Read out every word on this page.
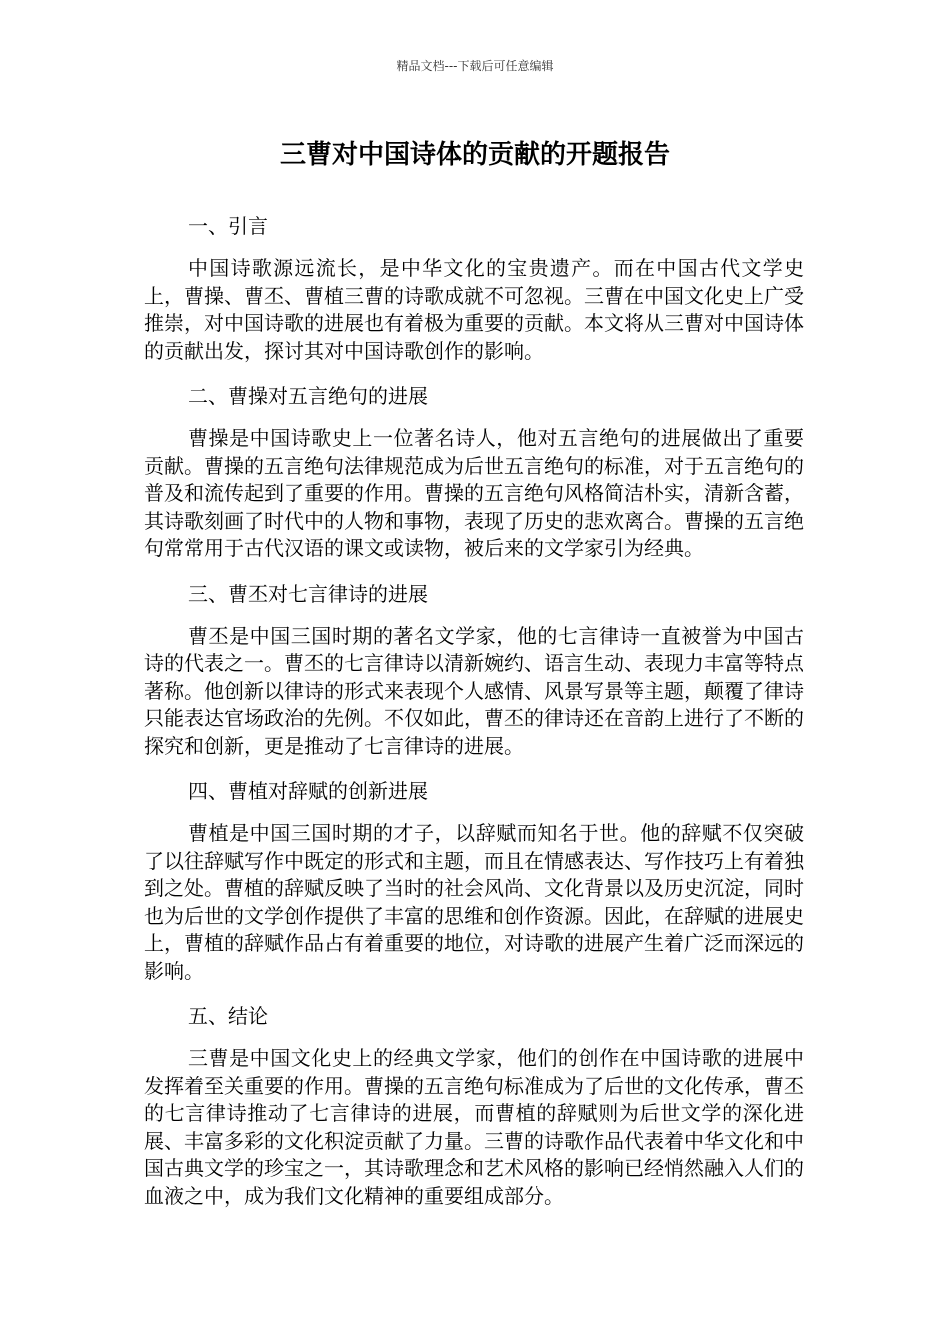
精品文档---下载后可任意编辑
三曹对中国诗体的贡献的开题报告
一、引言

中国诗歌源远流长，是中华文化的宝贵遗产。而在中国古代文学史上，曹操、曹丕、曹植三曹的诗歌成就不可忽视。三曹在中国文化史上广受推崇，对中国诗歌的进展也有着极为重要的贡献。本文将从三曹对中国诗体的贡献出发，探讨其对中国诗歌创作的影响。

二、曹操对五言绝句的进展

曹操是中国诗歌史上一位著名诗人，他对五言绝句的进展做出了重要贡献。曹操的五言绝句法律规范成为后世五言绝句的标准，对于五言绝句的普及和流传起到了重要的作用。曹操的五言绝句风格简洁朴实，清新含蓄，其诗歌刻画了时代中的人物和事物，表现了历史的悲欢离合。曹操的五言绝句常常用于古代汉语的课文或读物，被后来的文学家引为经典。

三、曹丕对七言律诗的进展

曹丕是中国三国时期的著名文学家，他的七言律诗一直被誉为中国古诗的代表之一。曹丕的七言律诗以清新婉约、语言生动、表现力丰富等特点著称。他创新以律诗的形式来表现个人感情、风景写景等主题，颠覆了律诗只能表达官场政治的先例。不仅如此，曹丕的律诗还在音韵上进行了不断的探究和创新，更是推动了七言律诗的进展。

四、曹植对辞赋的创新进展

曹植是中国三国时期的才子，以辞赋而知名于世。他的辞赋不仅突破了以往辞赋写作中既定的形式和主题，而且在情感表达、写作技巧上有着独到之处。曹植的辞赋反映了当时的社会风尚、文化背景以及历史沉淀，同时也为后世的文学创作提供了丰富的思维和创作资源。因此，在辞赋的进展史上，曹植的辞赋作品占有着重要的地位，对诗歌的进展产生着广泛而深远的影响。

五、结论

三曹是中国文化史上的经典文学家，他们的创作在中国诗歌的进展中发挥着至关重要的作用。曹操的五言绝句标准成为了后世的文化传承，曹丕的七言律诗推动了七言律诗的进展，而曹植的辞赋则为后世文学的深化进展、丰富多彩的文化积淀贡献了力量。三曹的诗歌作品代表着中华文化和中国古典文学的珍宝之一，其诗歌理念和艺术风格的影响已经悄然融入人们的血液之中，成为我们文化精神的重要组成部分。
